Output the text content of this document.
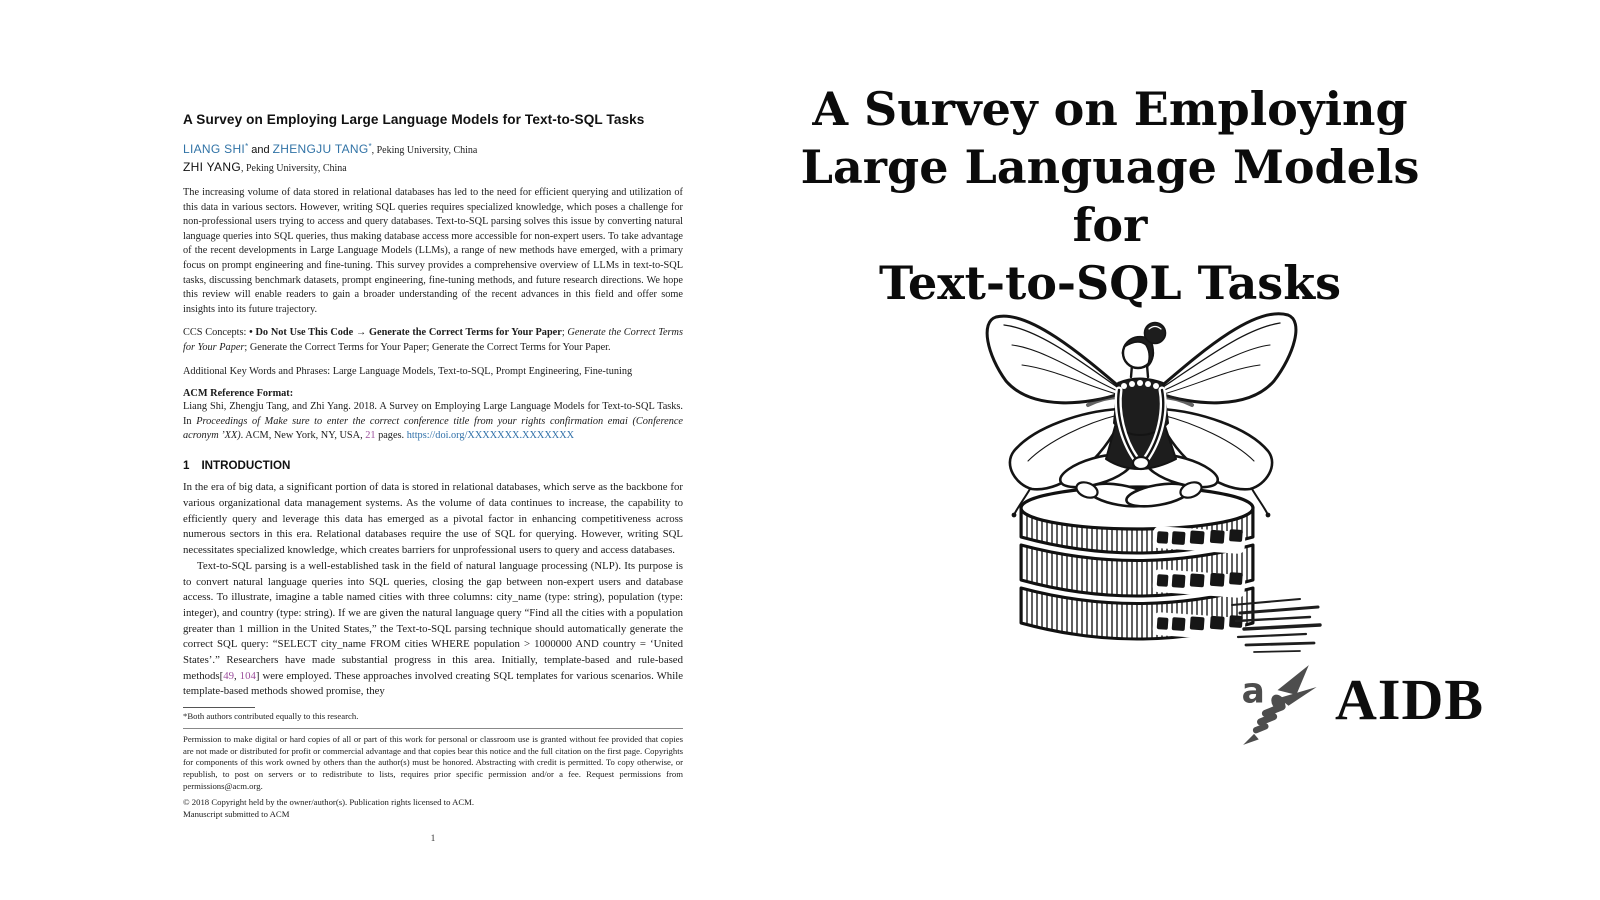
A Survey on Employing Large Language Models for Text-to-SQL Tasks
LIANG SHI* and ZHENGJU TANG*, Peking University, China
ZHI YANG, Peking University, China
The increasing volume of data stored in relational databases has led to the need for efficient querying and utilization of this data in various sectors. However, writing SQL queries requires specialized knowledge, which poses a challenge for non-professional users trying to access and query databases. Text-to-SQL parsing solves this issue by converting natural language queries into SQL queries, thus making database access more accessible for non-expert users. To take advantage of the recent developments in Large Language Models (LLMs), a range of new methods have emerged, with a primary focus on prompt engineering and fine-tuning. This survey provides a comprehensive overview of LLMs in text-to-SQL tasks, discussing benchmark datasets, prompt engineering, fine-tuning methods, and future research directions. We hope this review will enable readers to gain a broader understanding of the recent advances in this field and offer some insights into its future trajectory.
CCS Concepts: • Do Not Use This Code → Generate the Correct Terms for Your Paper; Generate the Correct Terms for Your Paper; Generate the Correct Terms for Your Paper; Generate the Correct Terms for Your Paper.
Additional Key Words and Phrases: Large Language Models, Text-to-SQL, Prompt Engineering, Fine-tuning
ACM Reference Format:
Liang Shi, Zhengju Tang, and Zhi Yang. 2018. A Survey on Employing Large Language Models for Text-to-SQL Tasks. In Proceedings of Make sure to enter the correct conference title from your rights confirmation emai (Conference acronym ’XX). ACM, New York, NY, USA, 21 pages. https://doi.org/XXXXXXX.XXXXXXX
1 INTRODUCTION
In the era of big data, a significant portion of data is stored in relational databases, which serve as the backbone for various organizational data management systems. As the volume of data continues to increase, the capability to efficiently query and leverage this data has emerged as a pivotal factor in enhancing competitiveness across numerous sectors in this era. Relational databases require the use of SQL for querying. However, writing SQL necessitates specialized knowledge, which creates barriers for unprofessional users to query and access databases.
Text-to-SQL parsing is a well-established task in the field of natural language processing (NLP). Its purpose is to convert natural language queries into SQL queries, closing the gap between non-expert users and database access. To illustrate, imagine a table named cities with three columns: city_name (type: string), population (type: integer), and country (type: string). If we are given the natural language query “Find all the cities with a population greater than 1 million in the United States,” the Text-to-SQL parsing technique should automatically generate the correct SQL query: “SELECT city_name FROM cities WHERE population > 1000000 AND country = ‘United States’.” Researchers have made substantial progress in this area. Initially, template-based and rule-based methods[49, 104] were employed. These approaches involved creating SQL templates for various scenarios. While template-based methods showed promise, they
*Both authors contributed equally to this research.
Permission to make digital or hard copies of all or part of this work for personal or classroom use is granted without fee provided that copies are not made or distributed for profit or commercial advantage and that copies bear this notice and the full citation on the first page. Copyrights for components of this work owned by others than the author(s) must be honored. Abstracting with credit is permitted. To copy otherwise, or republish, to post on servers or to redistribute to lists, requires prior specific permission and/or a fee. Request permissions from permissions@acm.org.
© 2018 Copyright held by the owner/author(s). Publication rights licensed to ACM.
Manuscript submitted to ACM
1
A Survey on Employing
Large Language Models for
Text-to-SQL Tasks
a AIDB
